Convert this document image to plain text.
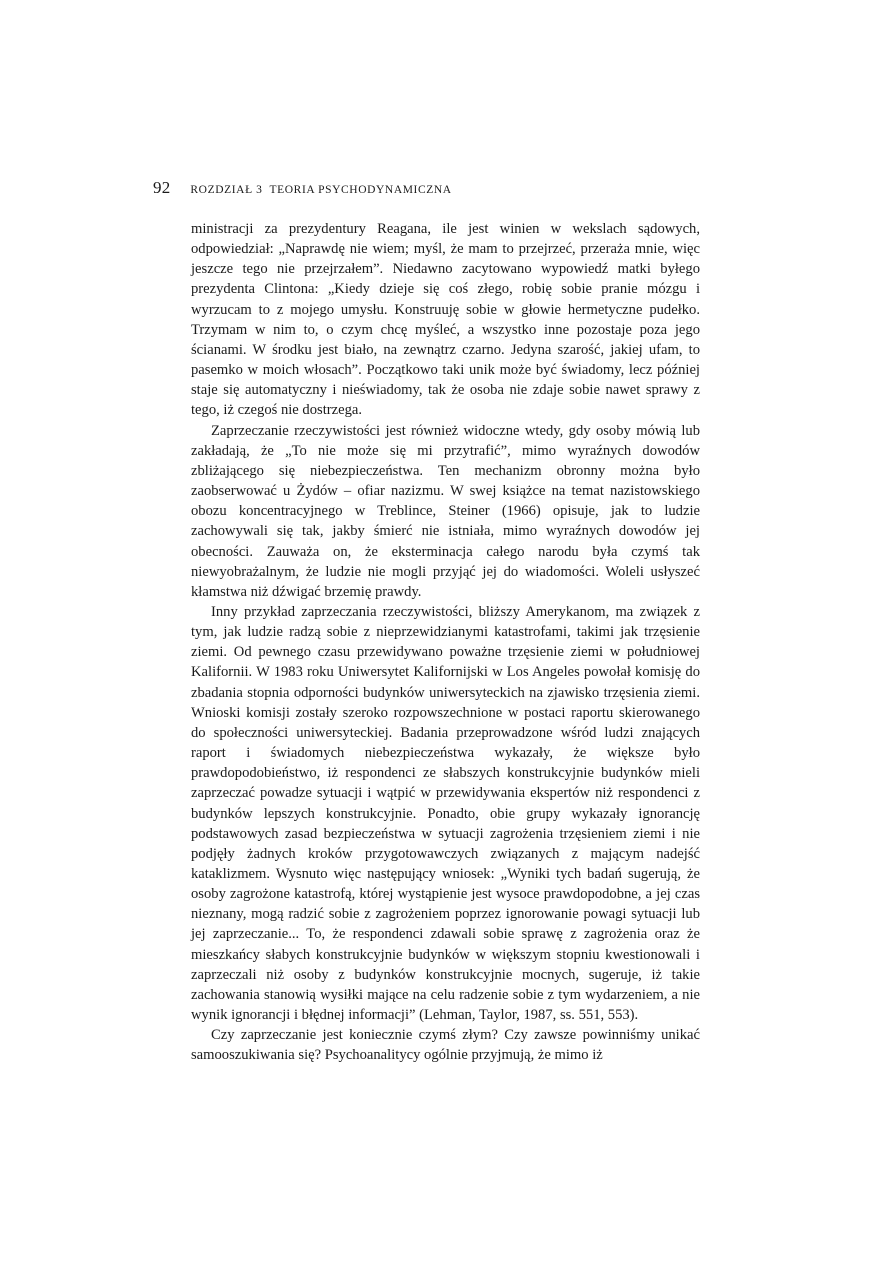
92 ROZDZIAŁ 3 TEORIA PSYCHODYNAMICZNA

ministracji za prezydentury Reagana, ile jest winien w wekslach sądowych, odpowiedział: „Naprawdę nie wiem; myśl, że mam to przejrzeć, przeraża mnie, więc jeszcze tego nie przejrzałem”. Niedawno zacytowano wypowiedź matki byłego prezydenta Clintona: „Kiedy dzieje się coś złego, robię sobie pranie mózgu i wyrzucam to z mojego umysłu. Konstruuję sobie w głowie hermetyczne pudełko. Trzymam w nim to, o czym chcę myśleć, a wszystko inne pozostaje poza jego ścianami. W środku jest biało, na zewnątrz czarno. Jedyna szarość, jakiej ufam, to pasemko w moich włosach”. Początkowo taki unik może być świadomy, lecz później staje się automatyczny i nieświadomy, tak że osoba nie zdaje sobie nawet sprawy z tego, iż czegoś nie dostrzega.

Zaprzeczanie rzeczywistości jest również widoczne wtedy, gdy osoby mówią lub zakładają, że „To nie może się mi przytrafić”, mimo wyraźnych dowodów zbliżającego się niebezpieczeństwa. Ten mechanizm obronny można było zaobserwować u Żydów – ofiar nazizmu. W swej książce na temat nazistowskiego obozu koncentracyjnego w Treblince, Steiner (1966) opisuje, jak to ludzie zachowywali się tak, jakby śmierć nie istniała, mimo wyraźnych dowodów jej obecności. Zauważa on, że eksterminacja całego narodu była czymś tak niewyobrażalnym, że ludzie nie mogli przyjąć jej do wiadomości. Woleli usłyszeć kłamstwa niż dźwigać brzemię prawdy.

Inny przykład zaprzeczania rzeczywistości, bliższy Amerykanom, ma związek z tym, jak ludzie radzą sobie z nieprzewidzianymi katastrofami, takimi jak trzęsienie ziemi. Od pewnego czasu przewidywano poważne trzęsienie ziemi w południowej Kalifornii. W 1983 roku Uniwersytet Kalifornijski w Los Angeles powołał komisję do zbadania stopnia odporności budynków uniwersyteckich na zjawisko trzęsienia ziemi. Wnioski komisji zostały szeroko rozpowszechnione w postaci raportu skierowanego do społeczności uniwersyteckiej. Badania przeprowadzone wśród ludzi znających raport i świadomych niebezpieczeństwa wykazały, że większe było prawdopodobieństwo, iż respondenci ze słabszych konstrukcyjnie budynków mieli zaprzeczać powadze sytuacji i wątpić w przewidywania ekspertów niż respondenci z budynków lepszych konstrukcyjnie. Ponadto, obie grupy wykazały ignorancję podstawowych zasad bezpieczeństwa w sytuacji zagrożenia trzęsieniem ziemi i nie podjęły żadnych kroków przygotowawczych związanych z mającym nadejść kataklizmem. Wysnuto więc następujący wniosek: „Wyniki tych badań sugerują, że osoby zagrożone katastrofą, której wystąpienie jest wysoce prawdopodobne, a jej czas nieznany, mogą radzić sobie z zagrożeniem poprzez ignorowanie powagi sytuacji lub jej zaprzeczanie... To, że respondenci zdawali sobie sprawę z zagrożenia oraz że mieszkańcy słabych konstrukcyjnie budynków w większym stopniu kwestionowali i zaprzeczali niż osoby z budynków konstrukcyjnie mocnych, sugeruje, iż takie zachowania stanowią wysiłki mające na celu radzenie sobie z tym wydarzeniem, a nie wynik ignorancji i błędnej informacji” (Lehman, Taylor, 1987, ss. 551, 553).

Czy zaprzeczanie jest koniecznie czymś złym? Czy zawsze powinniśmy unikać samooszukiwania się? Psychoanalitycy ogólnie przyjmują, że mimo iż
